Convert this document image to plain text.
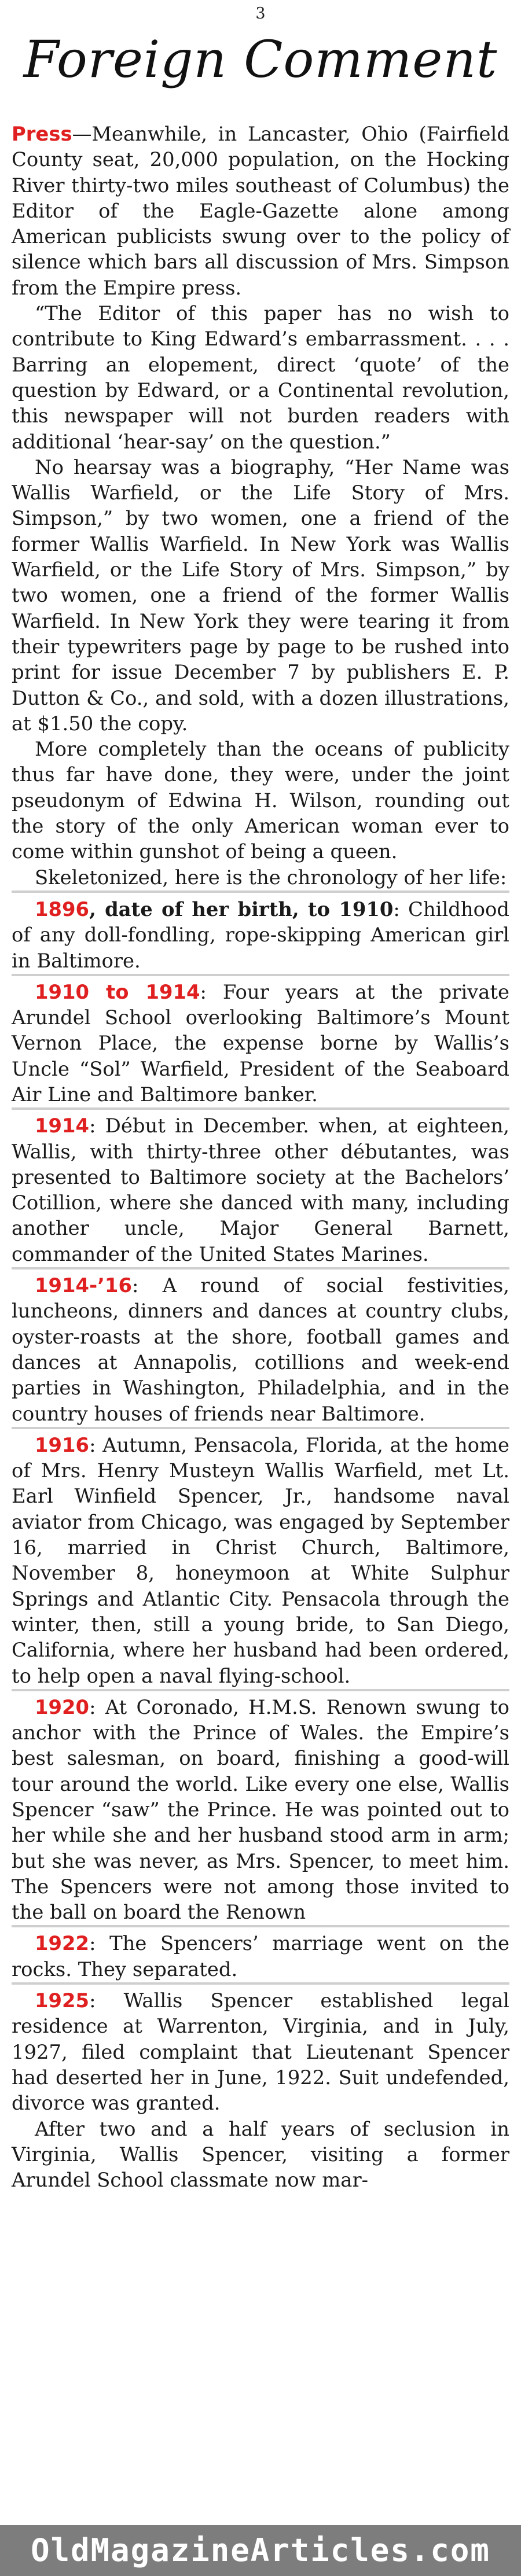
3
Foreign Comment

Press—Meanwhile, in Lancaster, Ohio (Fairfield County seat, 20,000 population, on the Hocking River thirty-two miles southeast of Columbus) the Editor of the Eagle-Gazette alone among American publicists swung over to the policy of silence which bars all discussion of Mrs. Simpson from the Empire press.

“The Editor of this paper has no wish to contribute to King Edward’s embarrassment. . . . Barring an elopement, direct ‘quote’ of the question by Edward, or a Continental revolution, this newspaper will not burden readers with additional ‘hear-say’ on the question.”

No hearsay was a biography, “Her Name was Wallis Warfield, or the Life Story of Mrs. Simpson,” by two women, one a friend of the former Wallis Warfield. In New York was Wallis Warfield, or the Life Story of Mrs. Simpson,” by two women, one a friend of the former Wallis Warfield. In New York they were tearing it from their typewriters page by page to be rushed into print for issue December 7 by publishers E. P. Dutton & Co., and sold, with a dozen illustrations, at $1.50 the copy.

More completely than the oceans of publicity thus far have done, they were, under the joint pseudonym of Edwina H. Wilson, rounding out the story of the only American woman ever to come within gunshot of being a queen.

Skeletonized, here is the chronology of her life:

1896, date of her birth, to 1910: Childhood of any doll-fondling, rope-skipping American girl in Baltimore.

1910 to 1914: Four years at the private Arundel School overlooking Baltimore’s Mount Vernon Place, the expense borne by Wallis’s Uncle “Sol” Warfield, President of the Seaboard Air Line and Baltimore banker.

1914: Début in December. when, at eighteen, Wallis, with thirty-three other débutantes, was presented to Baltimore society at the Bachelors’ Cotillion, where she danced with many, including another uncle, Major General Barnett, commander of the United States Marines.

1914-’16: A round of social festivities, luncheons, dinners and dances at country clubs, oyster-roasts at the shore, football games and dances at Annapolis, cotillions and week-end parties in Washington, Philadelphia, and in the country houses of friends near Baltimore.

1916: Autumn, Pensacola, Florida, at the home of Mrs. Henry Musteyn Wallis Warfield, met Lt. Earl Winfield Spencer, Jr., handsome naval aviator from Chicago, was engaged by September 16, married in Christ Church, Baltimore, November 8, honeymoon at White Sulphur Springs and Atlantic City. Pensacola through the winter, then, still a young bride, to San Diego, California, where her husband had been ordered, to help open a naval flying-school.

1920: At Coronado, H.M.S. Renown swung to anchor with the Prince of Wales. the Empire’s best salesman, on board, finishing a good-will tour around the world. Like every one else, Wallis Spencer “saw” the Prince. He was pointed out to her while she and her husband stood arm in arm; but she was never, as Mrs. Spencer, to meet him. The Spencers were not among those invited to the ball on board the Renown

1922: The Spencers’ marriage went on the rocks. They separated.

1925: Wallis Spencer established legal residence at Warrenton, Virginia, and in July, 1927, filed complaint that Lieutenant Spencer had deserted her in June, 1922. Suit undefended, divorce was granted.

After two and a half years of seclusion in Virginia, Wallis Spencer, visiting a former Arundel School classmate now mar-

OldMagazineArticles.com
